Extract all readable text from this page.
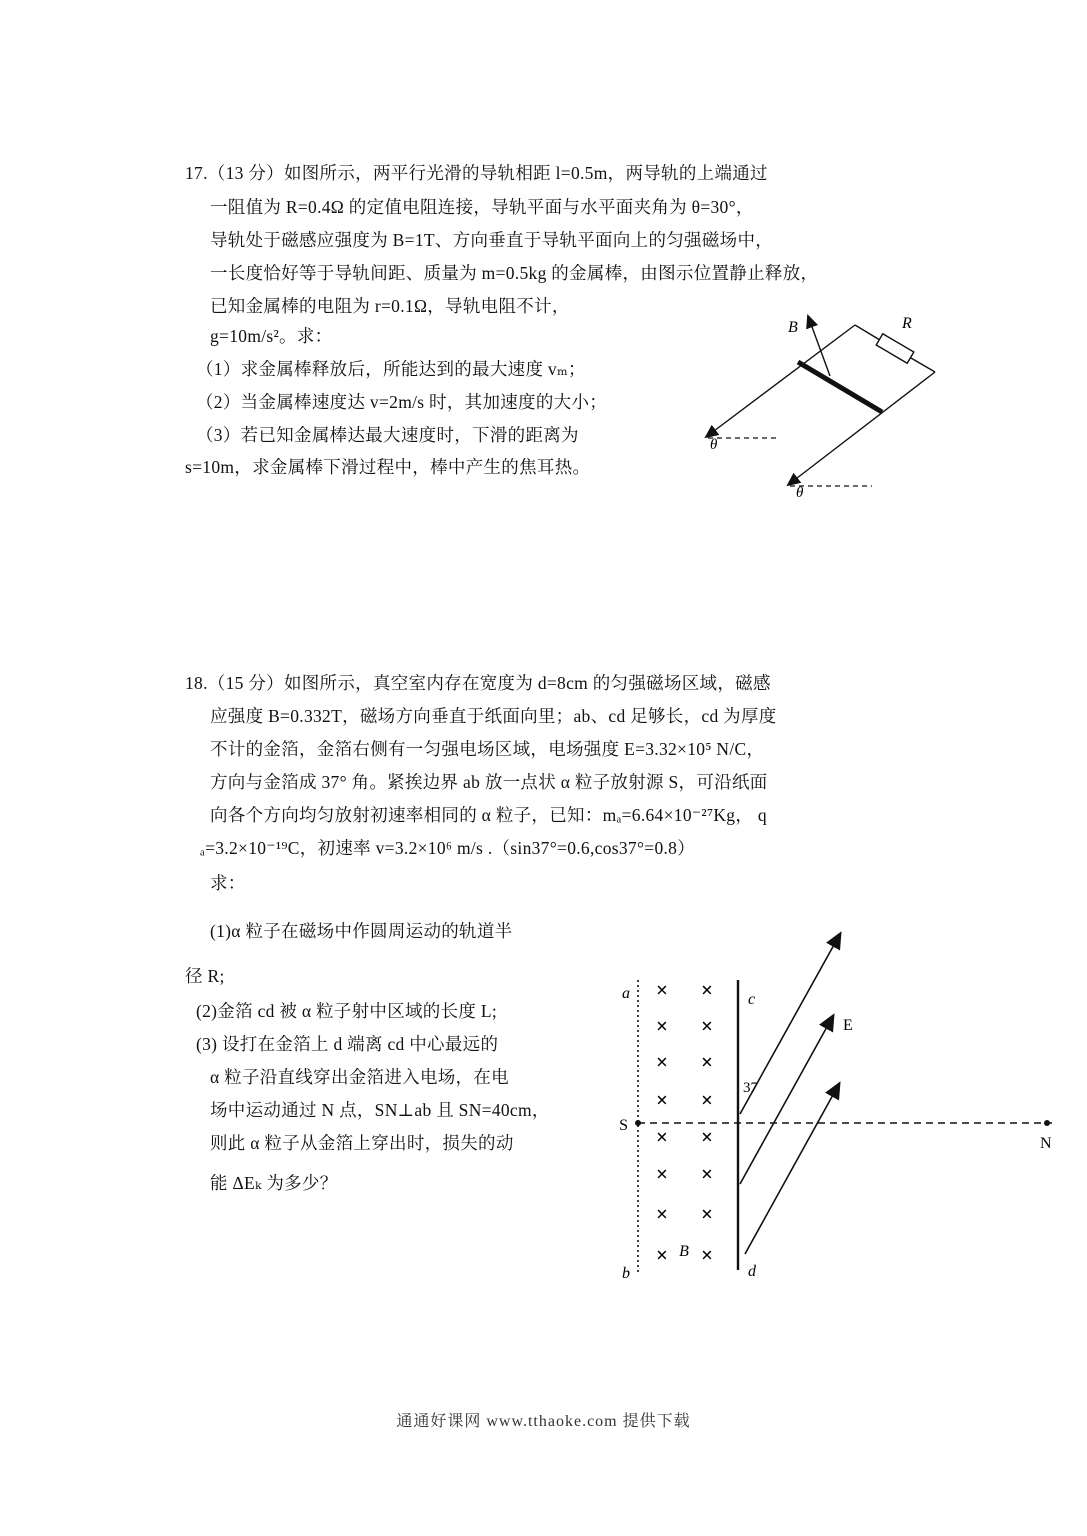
17.（13 分）如图所示，两平行光滑的导轨相距 l=0.5m，两导轨的上端通过
一阻值为 R=0.4Ω 的定值电阻连接，导轨平面与水平面夹角为 θ=30°，
导轨处于磁感应强度为 B=1T、方向垂直于导轨平面向上的匀强磁场中，
一长度恰好等于导轨间距、质量为 m=0.5kg 的金属棒，由图示位置静止释放，
已知金属棒的电阻为 r=0.1Ω，导轨电阻不计，
g=10m/s²。求：
（1）求金属棒释放后，所能达到的最大速度 vₘ；
（2）当金属棒速度达 v=2m/s 时，其加速度的大小；
（3）若已知金属棒达最大速度时，下滑的距离为
s=10m，求金属棒下滑过程中，棒中产生的焦耳热。
B	R
θ
θ
18.（15 分）如图所示，真空室内存在宽度为 d=8cm 的匀强磁场区域，磁感
应强度 B=0.332T，磁场方向垂直于纸面向里；ab、cd 足够长，cd 为厚度
不计的金箔，金箔右侧有一匀强电场区域，电场强度 E=3.32×10⁵ N/C，
方向与金箔成 37° 角。紧挨边界 ab 放一点状 α 粒子放射源 S，可沿纸面
向各个方向均匀放射初速率相同的 α 粒子，已知：mₐ=6.64×10⁻²⁷Kg， q
ₐ=3.2×10⁻¹⁹C，初速率 v=3.2×10⁶ m/s .（sin37°=0.6,cos37°=0.8）
求：
(1)α 粒子在磁场中作圆周运动的轨道半
径 R;
(2)金箔 cd 被 α 粒子射中区域的长度 L;
(3) 设打在金箔上 d 端离 cd 中心最远的
α 粒子沿直线穿出金箔进入电场，在电
场中运动通过 N 点，SN⊥ab 且 SN=40cm，
则此 α 粒子从金箔上穿出时，损失的动
能 ΔEₖ 为多少？
a
b
c
d
× ×
× ×
× ×
× ×
× ×
× ×
× ×
× ×
B
E
37
S
N
通通好课网 www.tthaoke.com 提供下载
